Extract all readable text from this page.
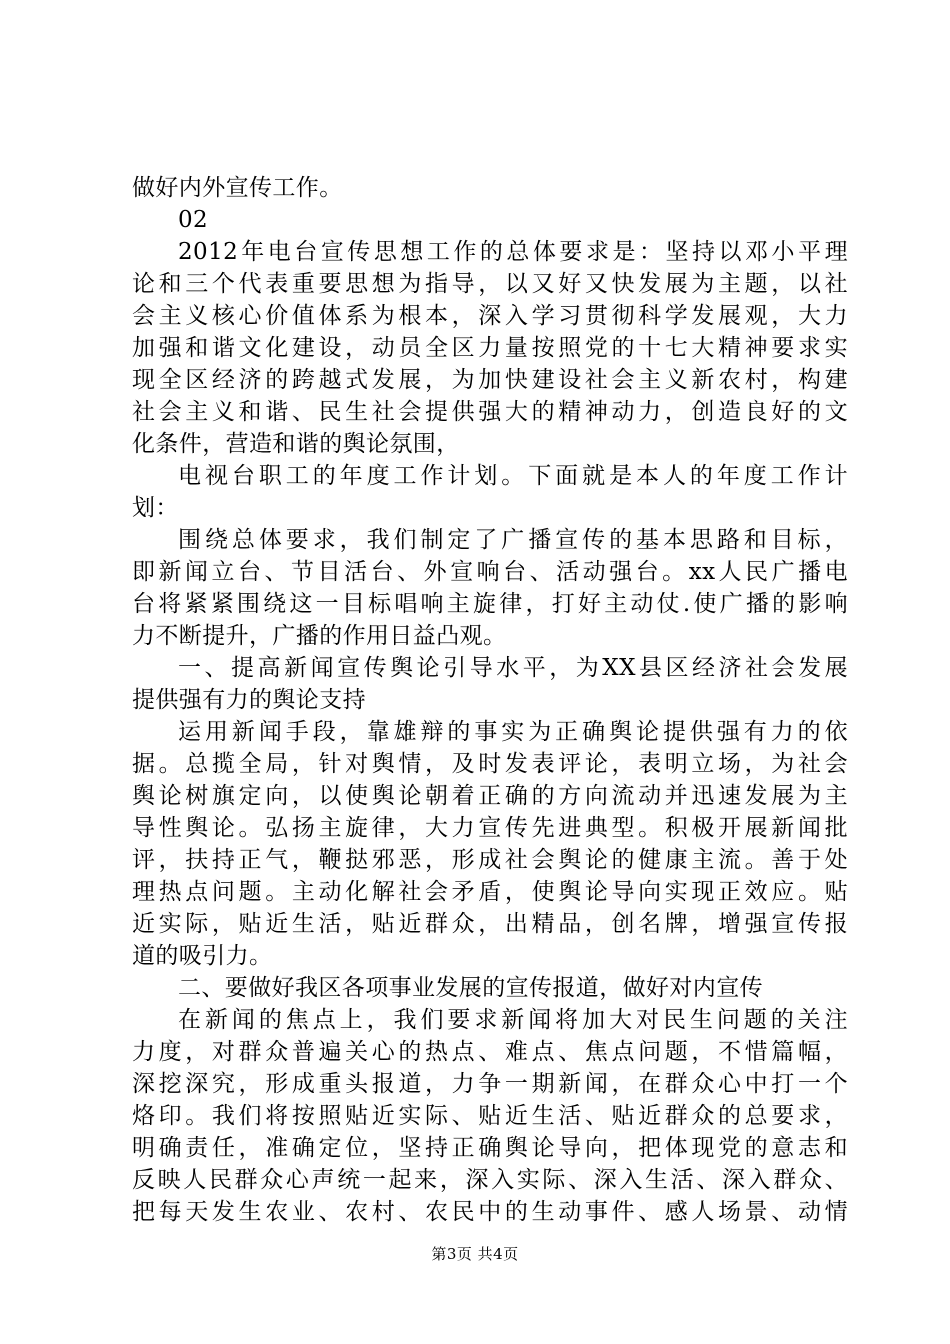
做好内外宣传工作。
02
2012年电台宣传思想工作的总体要求是：坚持以邓小平理
论和三个代表重要思想为指导，以又好又快发展为主题，以社
会主义核心价值体系为根本，深入学习贯彻科学发展观，大力
加强和谐文化建设，动员全区力量按照党的十七大精神要求实
现全区经济的跨越式发展，为加快建设社会主义新农村，构建
社会主义和谐、民生社会提供强大的精神动力，创造良好的文
化条件，营造和谐的舆论氛围，
电视台职工的年度工作计划。下面就是本人的年度工作计
划：
围绕总体要求，我们制定了广播宣传的基本思路和目标，
即新闻立台、节目活台、外宣响台、活动强台。xx人民广播电
台将紧紧围绕这一目标唱响主旋律，打好主动仗.使广播的影响
力不断提升，广播的作用日益凸观。
一、提高新闻宣传舆论引导水平，为XX县区经济社会发展
提供强有力的舆论支持
运用新闻手段，靠雄辩的事实为正确舆论提供强有力的依
据。总揽全局，针对舆情，及时发表评论，表明立场，为社会
舆论树旗定向，以使舆论朝着正确的方向流动并迅速发展为主
导性舆论。弘扬主旋律，大力宣传先进典型。积极开展新闻批
评，扶持正气，鞭挞邪恶，形成社会舆论的健康主流。善于处
理热点问题。主动化解社会矛盾，使舆论导向实现正效应。贴
近实际，贴近生活，贴近群众，出精品，创名牌，增强宣传报
道的吸引力。
二、要做好我区各项事业发展的宣传报道，做好对内宣传
在新闻的焦点上，我们要求新闻将加大对民生问题的关注
力度，对群众普遍关心的热点、难点、焦点问题，不惜篇幅，
深挖深究，形成重头报道，力争一期新闻，在群众心中打一个
烙印。我们将按照贴近实际、贴近生活、贴近群众的总要求，
明确责任，准确定位，坚持正确舆论导向，把体现党的意志和
反映人民群众心声统一起来，深入实际、深入生活、深入群众、
把每天发生农业、农村、农民中的生动事件、感人场景、动情
第3页 共4页
